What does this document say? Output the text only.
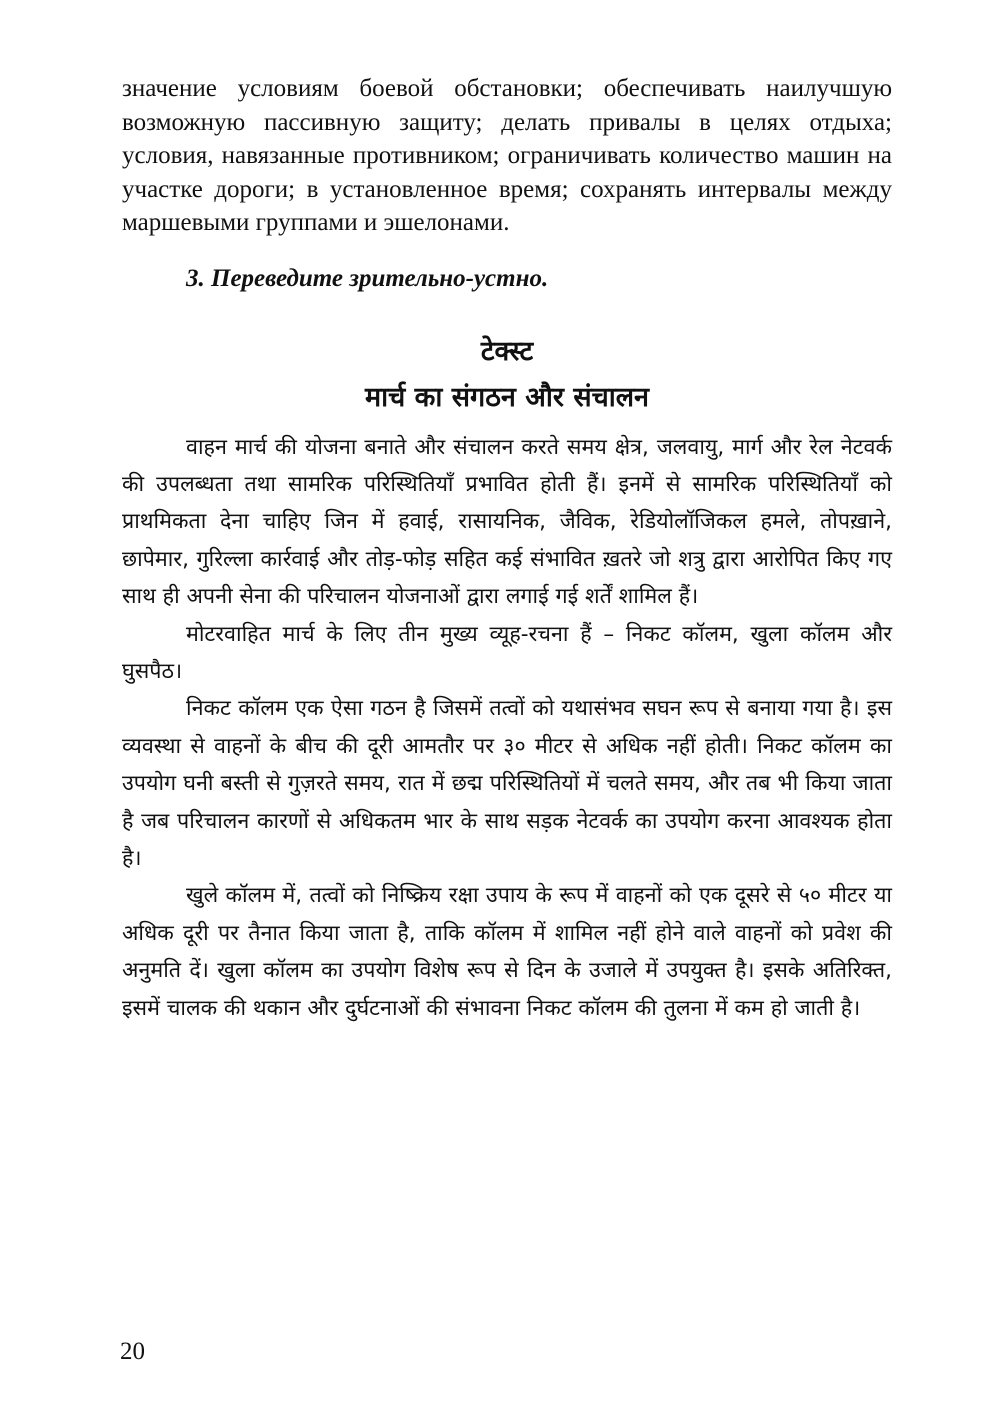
значение условиям боевой обстановки; обеспечивать наилучшую возможную пассивную защиту; делать привалы в целях отдыха; условия, навязанные противником; ограничивать количество машин на участке дороги; в установленное время; сохранять интервалы между маршевыми группами и эшелонами.

3. Переведите зрительно-устно.

टेक्स्ट

मार्च का संगठन और संचालन

वाहन मार्च की योजना बनाते और संचालन करते समय क्षेत्र, जलवायु, मार्ग और रेल नेटवर्क की उपलब्धता तथा सामरिक परिस्थितियाँ प्रभावित होती हैं। इनमें से सामरिक परिस्थितियाँ को प्राथमिकता देना चाहिए जिन में हवाई, रासायनिक, जैविक, रेडियोलॉजिकल हमले, तोपख़ाने, छापेमार, गुरिल्ला कार्रवाई और तोड़-फोड़ सहित कई संभावित ख़तरे जो शत्रु द्वारा आरोपित किए गए साथ ही अपनी सेना की परिचालन योजनाओं द्वारा लगाई गई शर्तें शामिल हैं।

मोटरवाहित मार्च के लिए तीन मुख्य व्यूह-रचना हैं – निकट कॉलम, खुला कॉलम और घुसपैठ।

निकट कॉलम एक ऐसा गठन है जिसमें तत्वों को यथासंभव सघन रूप से बनाया गया है। इस व्यवस्था से वाहनों के बीच की दूरी आमतौर पर ३० मीटर से अधिक नहीं होती। निकट कॉलम का उपयोग घनी बस्ती से गुज़रते समय, रात में छद्म परिस्थितियों में चलते समय, और तब भी किया जाता है जब परिचालन कारणों से अधिकतम भार के साथ सड़क नेटवर्क का उपयोग करना आवश्यक होता है।

खुले कॉलम में, तत्वों को निष्क्रिय रक्षा उपाय के रूप में वाहनों को एक दूसरे से ५० मीटर या अधिक दूरी पर तैनात किया जाता है, ताकि कॉलम में शामिल नहीं होने वाले वाहनों को प्रवेश की अनुमति दें। खुला कॉलम का उपयोग विशेष रूप से दिन के उजाले में उपयुक्त है। इसके अतिरिक्त, इसमें चालक की थकान और दुर्घटनाओं की संभावना निकट कॉलम की तुलना में कम हो जाती है।

20
